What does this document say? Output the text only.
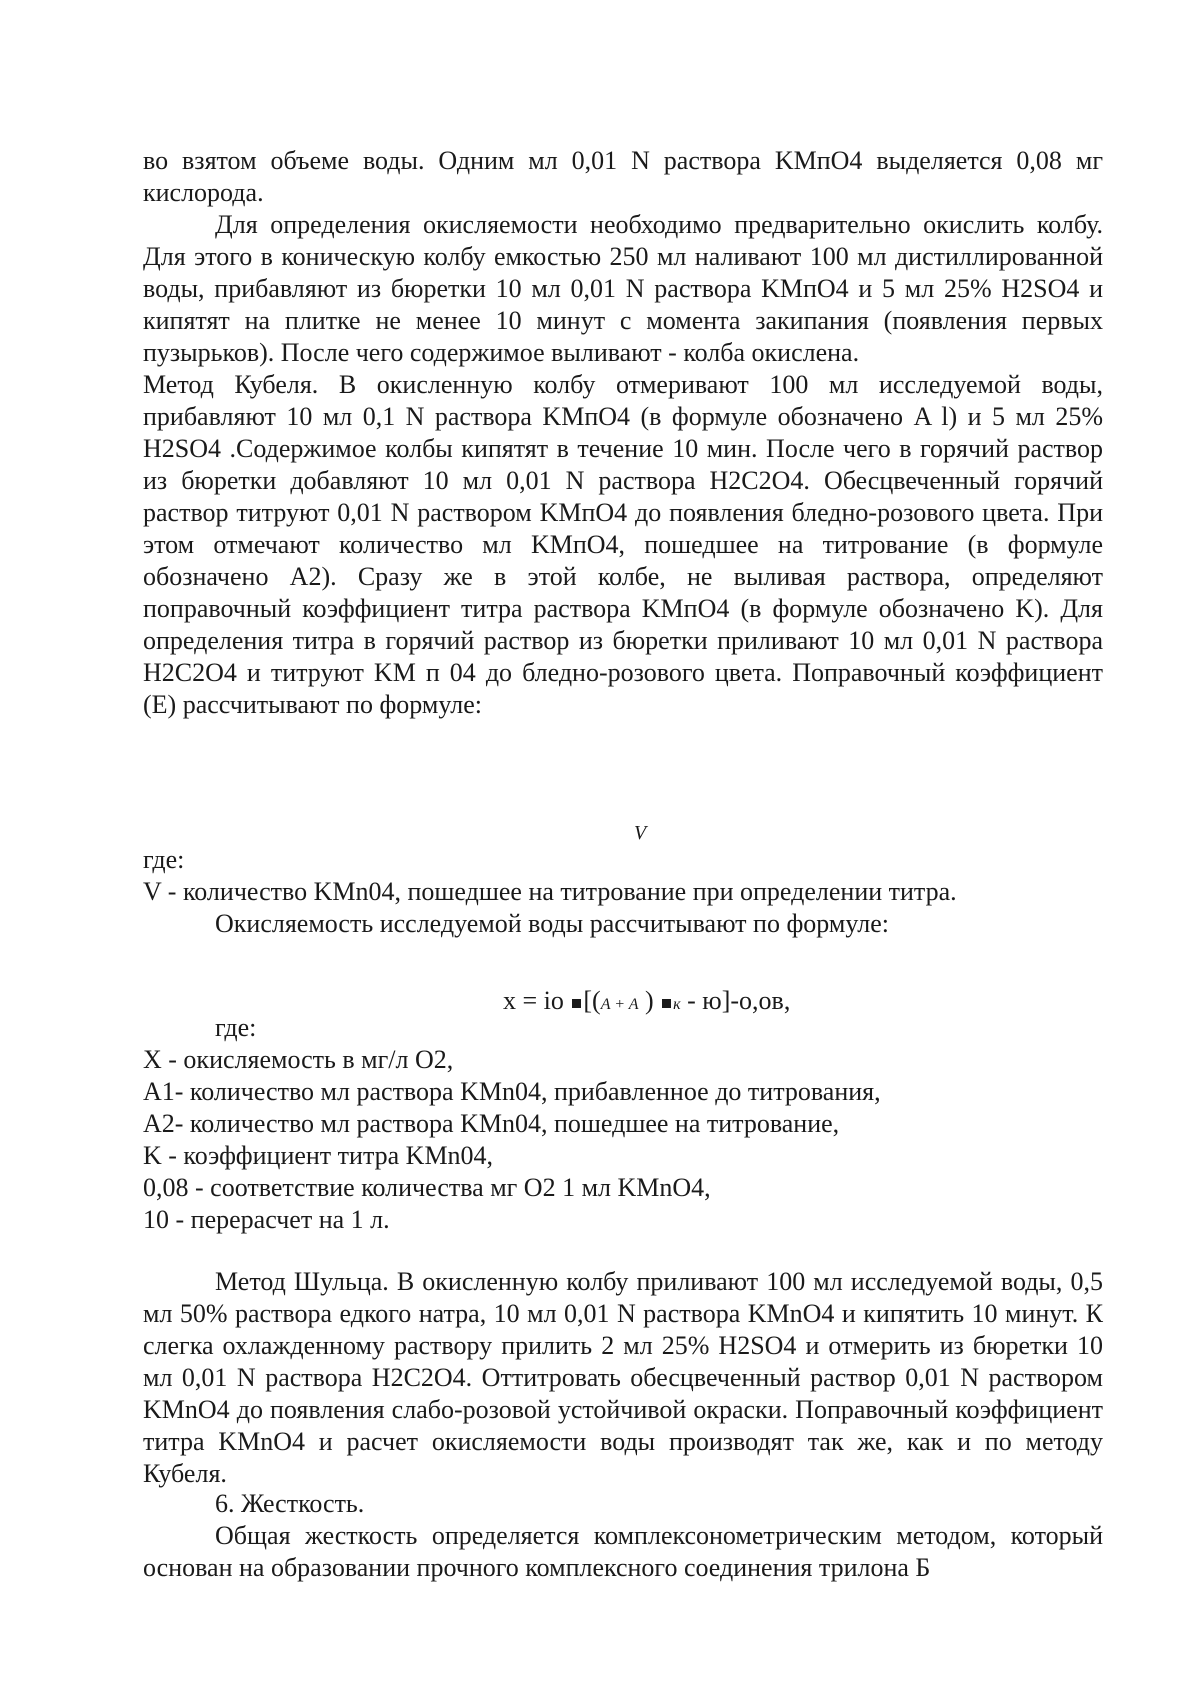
во взятом объеме воды. Одним мл 0,01 N раствора KMпO4 выделяется 0,08 мг кислорода.

Для определения окисляемости необходимо предварительно окислить колбу. Для этого в коническую колбу емкостью 250 мл наливают 100 мл дистиллированной воды, прибавляют из бюретки 10 мл 0,01 N раствора KMпO4 и 5 мл 25% H2SO4 и кипятят на плитке не менее 10 минут с момента закипания (появления первых пузырьков). После чего содержимое выливают - колба окислена.

Метод Кубеля. В окисленную колбу отмеривают 100 мл исследуемой воды, прибавляют 10 мл 0,1 N раствора KMпO4 (в формуле обозначено A l) и 5 мл 25% H2SO4 .Содержимое колбы кипятят в течение 10 мин. После чего в горячий раствор из бюретки добавляют 10 мл 0,01 N раствора H2C2O4. Обесцвеченный горячий раствор титруют 0,01 N раствором KMпO4 до появления бледно-розового цвета. При этом отмечают количество мл KMпO4, пошедшее на титрование (в формуле обозначено A2). Сразу же в этой колбе, не выливая раствора, определяют поправочный коэффициент титра раствора KMпO4 (в формуле обозначено K). Для определения титра в горячий раствор из бюретки приливают 10 мл 0,01 N раствора H2C2O4 и титруют KM п 04 до бледно-розового цвета. Поправочный коэффициент (E) рассчитывают по формуле:

V

где:

V - количество KMn04, пошедшее на титрование при определении титра.

Окисляемость исследуемой воды рассчитывают по формуле:

x = io [(A + A ) к - ю]-о,ов,

где:

X - окисляемость в мг/л O2,

A1- количество мл раствора KMn04, прибавленное до титрования,

A2- количество мл раствора KMn04, пошедшее на титрование,

K - коэффициент титра KMn04,

0,08 - соответствие количества мг O2 1 мл KMnO4,

10 - перерасчет на 1 л.

Метод Шульца. В окисленную колбу приливают 100 мл исследуемой воды, 0,5 мл 50% раствора едкого натра, 10 мл 0,01 N раствора KMnO4 и кипятить 10 минут. К слегка охлажденному раствору прилить 2 мл 25% H2SO4 и отмерить из бюретки 10 мл 0,01 N раствора H2C2O4. Оттитровать обесцвеченный раствор 0,01 N раствором KMnO4 до появления слабо-розовой устойчивой окраски. Поправочный коэффициент титра KMnO4 и расчет окисляемости воды производят так же, как и по методу Кубеля.

6. Жесткость.

Общая жесткость определяется комплексонометрическим методом, который основан на образовании прочного комплексного соединения трилона Б
